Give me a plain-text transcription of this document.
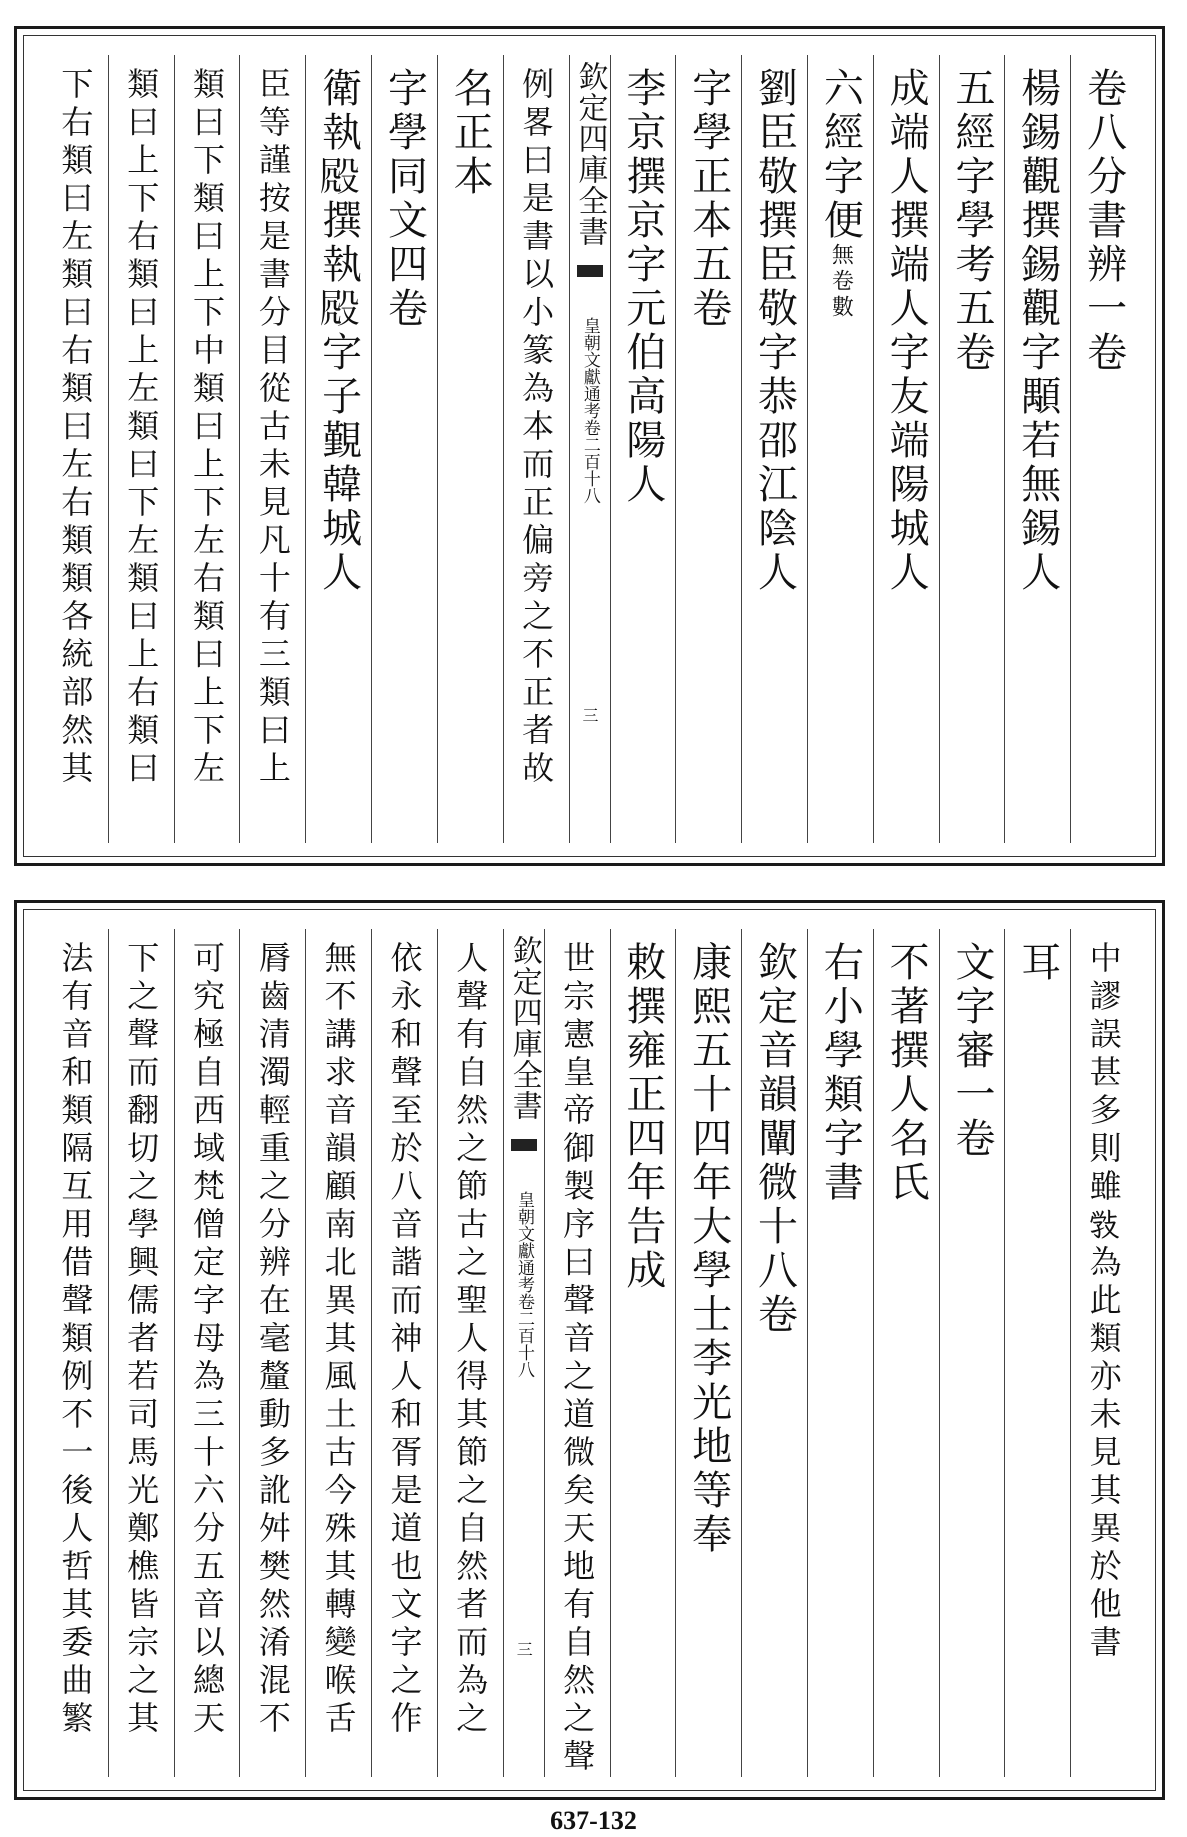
卷八分書辨一卷
楊錫觀撰錫觀字顒若無錫人
五經字學考五卷
成端人撰端人字友端陽城人
六經字便無卷數
劉臣敬撰臣敬字恭邵江陰人
字學正本五卷
李京撰京字元伯高陽人
欽定四庫全書
皇朝文獻通考卷二百十八
三
例畧曰是書以小篆為本而正偏旁之不正者故
名正本
字學同文四卷
衛執𣪍撰執𣪍字子覲韓城人
臣等謹按是書分目從古未見凡十有三類曰上
類曰下類曰上下中類曰上下左右類曰上下左
類曰上下右類曰上左類曰下左類曰上右類曰
下右類曰左類曰右類曰左右類類各統部然其
中謬誤甚多則雖𢽾為此類亦未見其異於他書
耳
文字審一卷
不著撰人名氏
右小學類字書
欽定音韻闡微十八卷
康熙五十四年大學士李光地等奉
敕撰雍正四年告成
世宗憲皇帝御製序曰聲音之道微矣天地有自然之聲
欽定四庫全書
皇朝文獻通考卷二百十八
三
人聲有自然之節古之聖人得其節之自然者而為之
依永和聲至於八音諧而神人和胥是道也文字之作
無不講求音韻顧南北異其風土古今殊其轉變喉舌
脣齒清濁輕重之分辨在毫釐動多訛舛樊然淆混不
可究極自西域梵僧定字母為三十六分五音以總天
下之聲而翻切之學興儒者若司馬光鄭樵皆宗之其
法有音和類隔互用借聲類例不一後人哲其委曲繁
637-132
